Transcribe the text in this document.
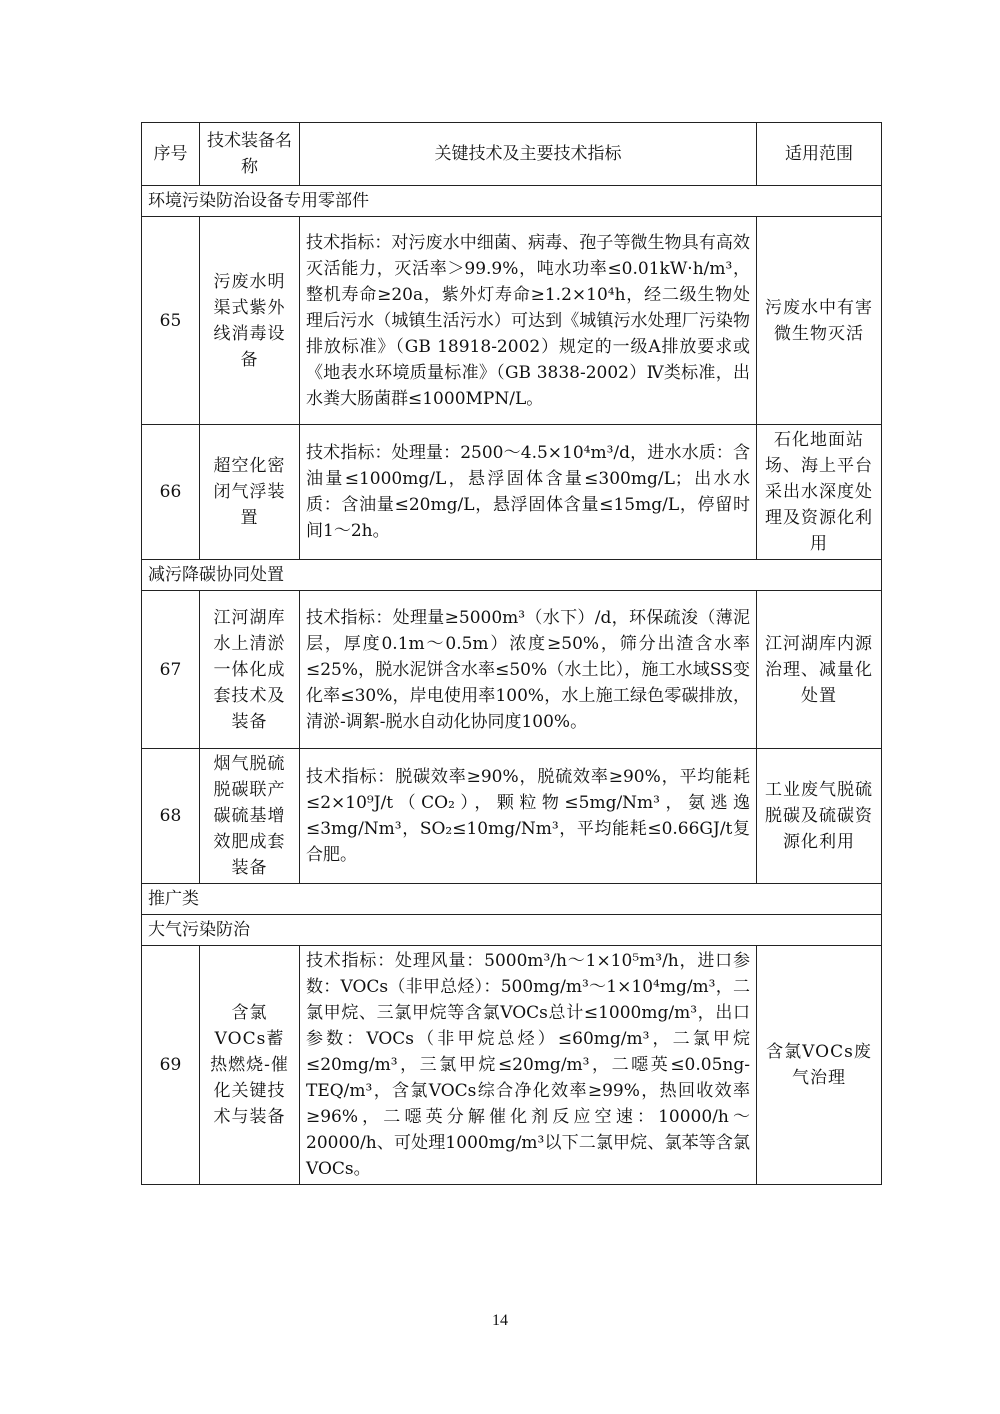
序号	技术装备名称	关键技术及主要技术指标	适用范围
环境污染防治设备专用零部件			
65	污废水明渠式紫外线消毒设备	技术指标：对污废水中细菌、病毒、孢子等微生物具有高效灭活能力，灭活率＞99.9%，吨水功率≤0.01kW·h/m³，整机寿命≥20a，紫外灯寿命≥1.2×10⁴h，经二级生物处理后污水（城镇生活污水）可达到《城镇污水处理厂污染物排放标准》（GB 18918-2002）规定的一级A排放要求或《地表水环境质量标准》（GB 3838-2002）Ⅳ类标准，出水粪大肠菌群≤1000MPN/L。	污废水中有害微生物灭活
66	超空化密闭气浮装置	技术指标：处理量：2500～4.5×10⁴m³/d，进水水质：含油量≤1000mg/L，悬浮固体含量≤300mg/L；出水水质：含油量≤20mg/L，悬浮固体含量≤15mg/L，停留时间1～2h。	石化地面站场、海上平台采出水深度处理及资源化利用
减污降碳协同处置			
67	江河湖库水上清淤一体化成套技术及装备	技术指标：处理量≥5000m³（水下）/d，环保疏浚（薄泥层，厚度0.1m～0.5m）浓度≥50%，筛分出渣含水率≤25%，脱水泥饼含水率≤50%（水土比），施工水域SS变化率≤30%，岸电使用率100%，水上施工绿色零碳排放，清淤-调絮-脱水自动化协同度100%。	江河湖库内源治理、减量化处置
68	烟气脱硫脱碳联产碳硫基增效肥成套装备	技术指标：脱碳效率≥90%，脱硫效率≥90%，平均能耗≤2×10⁹J/t（CO₂），颗粒物≤5mg/Nm³，氨逃逸≤3mg/Nm³，SO₂≤10mg/Nm³，平均能耗≤0.66GJ/t复合肥。	工业废气脱硫脱碳及硫碳资源化利用
推广类			
大气污染防治			
69	含氯VOCs蓄热燃烧-催化关键技术与装备	技术指标：处理风量：5000m³/h～1×10⁵m³/h，进口参数：VOCs（非甲总烃）：500mg/m³～1×10⁴mg/m³，二氯甲烷、三氯甲烷等含氯VOCs总计≤1000mg/m³，出口参数：VOCs（非甲烷总烃）≤60mg/m³，二氯甲烷≤20mg/m³，三氯甲烷≤20mg/m³，二噁英≤0.05ng-TEQ/m³，含氯VOCs综合净化效率≥99%，热回收效率≥96%，二噁英分解催化剂反应空速：10000/h～20000/h、可处理1000mg/m³以下二氯甲烷、氯苯等含氯VOCs。	含氯VOCs废气治理
14
